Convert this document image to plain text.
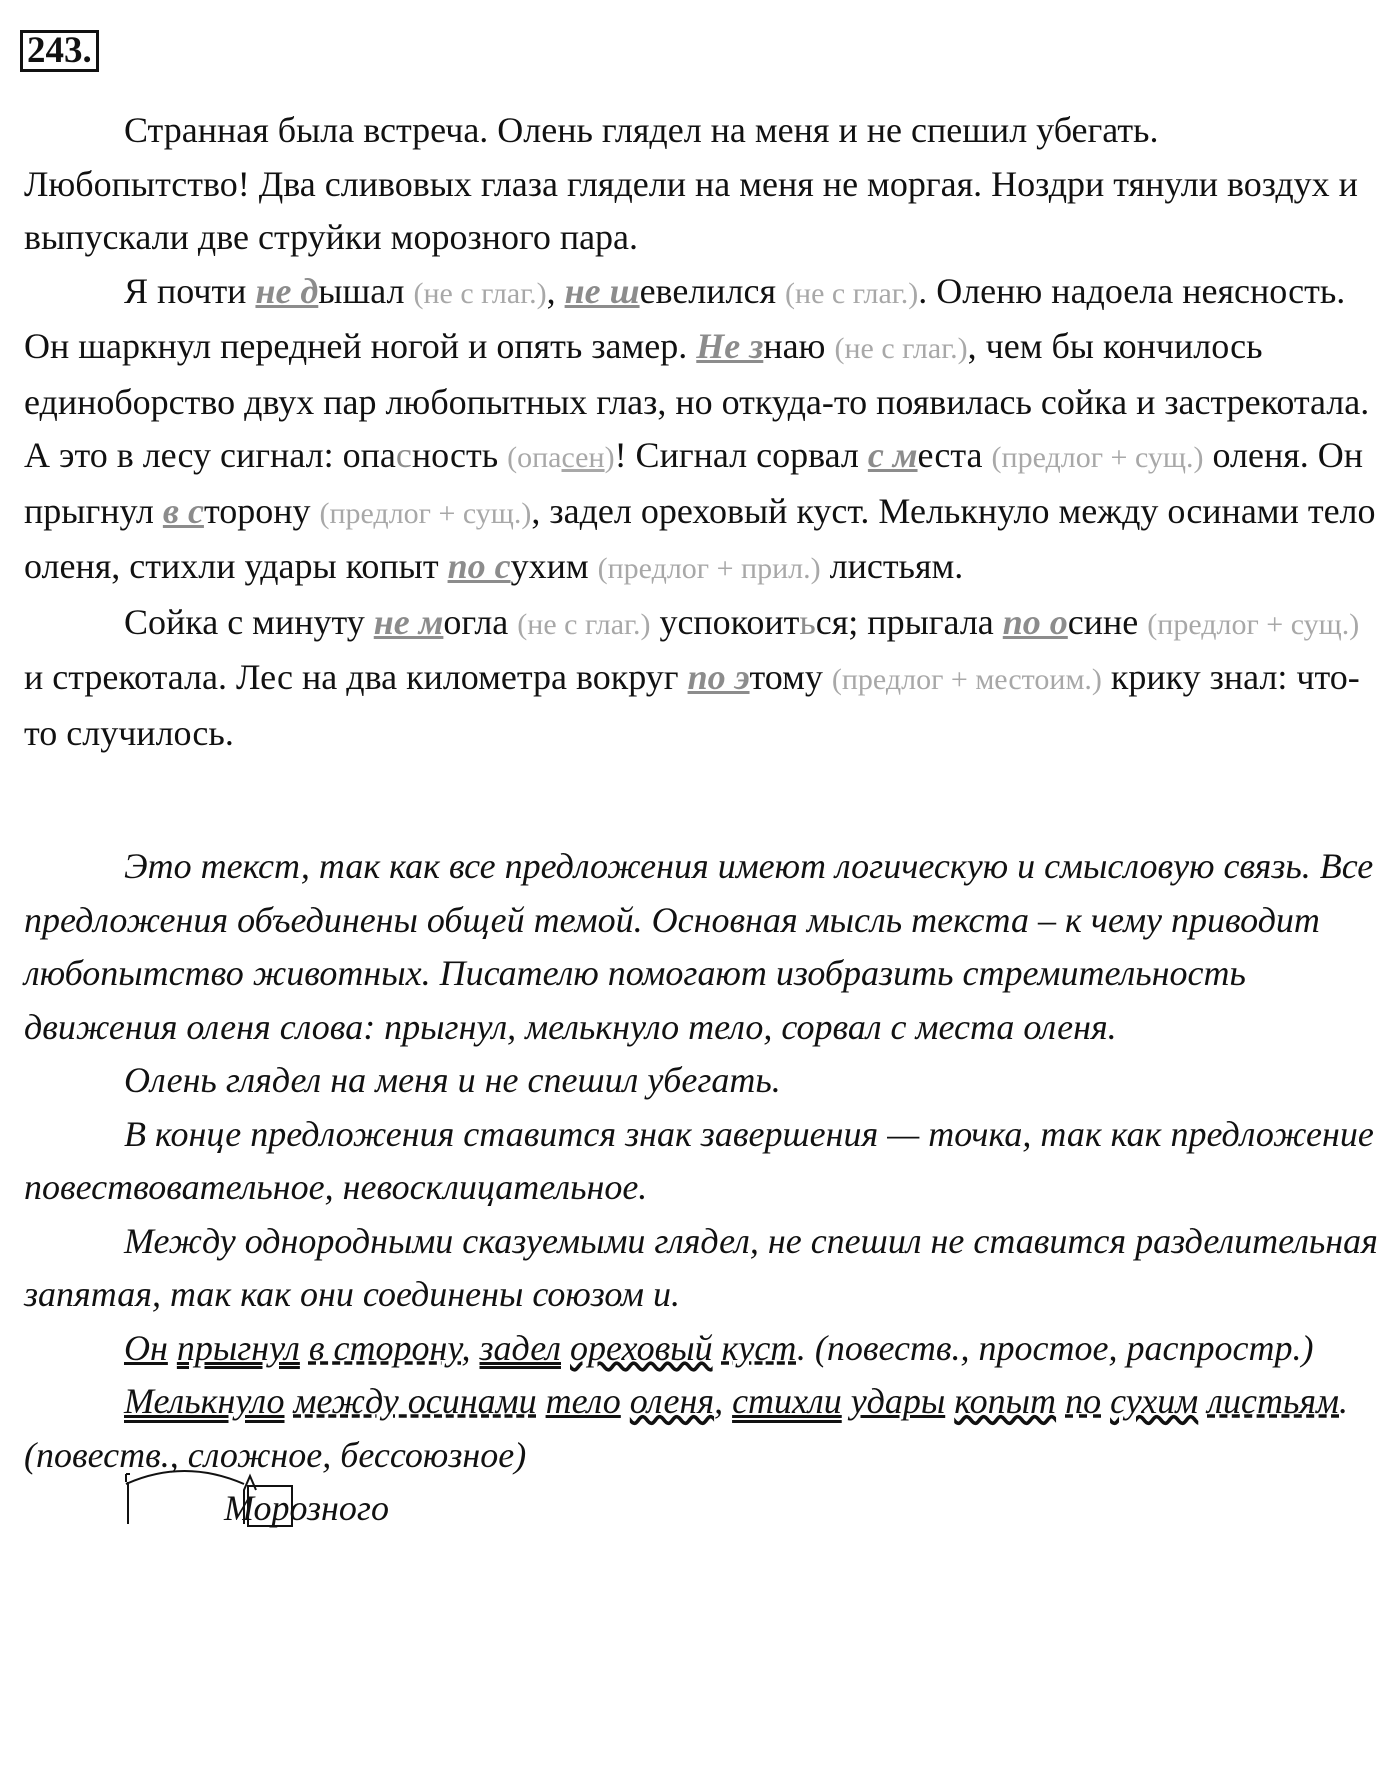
243.

Странная была встреча. Олень глядел на меня и не спешил убегать. Любопытство! Два сливовых глаза глядели на меня не моргая. Ноздри тянули воздух и выпускали две струйки морозного пара.

Я почти не дышал (не с глаг.), не шевелился (не с глаг.). Оленю надоела неясность. Он шаркнул передней ногой и опять замер. Не знаю (не с глаг.), чем бы кончилось единоборство двух пар любопытных глаз, но откуда-то появилась сойка и застрекотала. А это в лесу сигнал: опасность (опасен)! Сигнал сорвал с места (предлог + сущ.) оленя. Он прыгнул в сторону (предлог + сущ.), задел ореховый куст. Мелькнуло между осинами тело оленя, стихли удары копыт по сухим (предлог + прил.) листьям.

Сойка с минуту не могла (не с глаг.) успокоиться; прыгала по осине (предлог + сущ.) и стрекотала. Лес на два километра вокруг по этому (предлог + местоим.) крику знал: что-то случилось.

Это текст, так как все предложения имеют логическую и смысловую связь. Все предложения объединены общей темой. Основная мысль текста – к чему приводит любопытство животных. Писателю помогают изобразить стремительность движения оленя слова: прыгнул, мелькнуло тело, сорвал с места оленя.

Олень глядел на меня и не спешил убегать.

В конце предложения ставится знак завершения — точка, так как предложение повествовательное, невосклицательное.

Между однородными сказуемыми глядел, не спешил не ставится разделительная запятая, так как они соединены союзом и.

Он прыгнул в сторону, задел ореховый куст. (повеств., простое, распростр.)

Мелькнуло между осинами тело оленя, стихли удары копыт по сухим листьям. (повеств., сложное, бессоюзное)

Морозного
